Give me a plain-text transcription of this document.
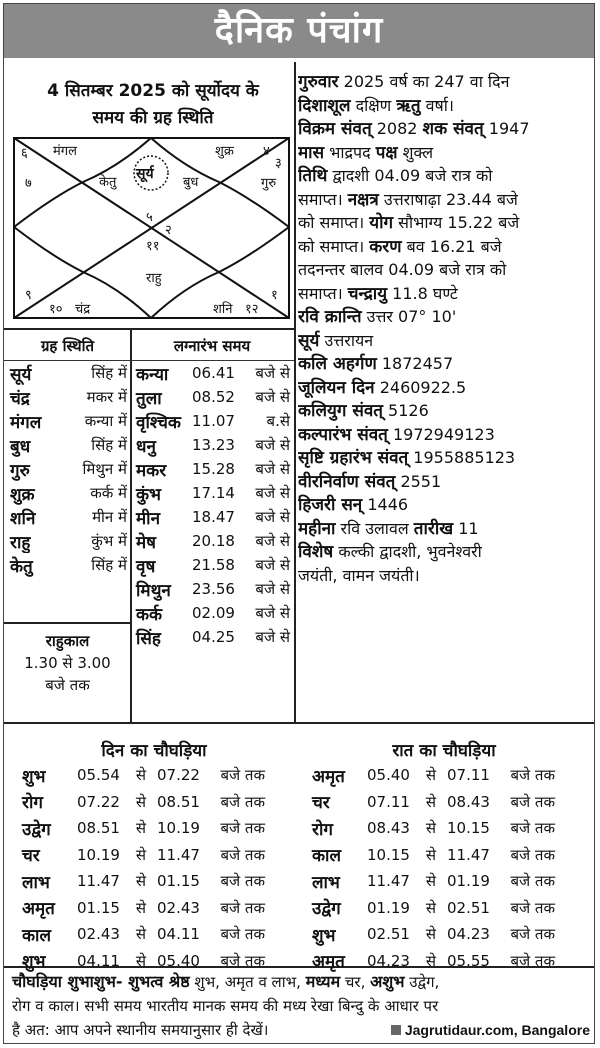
दैनिक पंचांग
4 सितम्बर 2025 को सूर्योदय के
समय की ग्रह स्थिति
६ मंगल	शुक्र ४
७	गुरु
३
केतु
सूर्य
बुध
५
२
११
राहु
९
१० चंद्र	शनि १२
१
ग्रह स्थिति
सूर्य	सिंह में
चंद्र	मकर में
मंगल	कन्या में
बुध	सिंह में
गुरु	मिथुन में
शुक्र	कर्क में
शनि	मीन में
राहु	कुंभ में
केतु	सिंह में
लग्नारंभ समय
कन्या	06.41	बजे से
तुला	08.52	बजे से
वृश्चिक 11.07	ब.से
धनु	13.23	बजे से
मकर	15.28	बजे से
कुंभ	17.14	बजे से
मीन	18.47	बजे से
मेष	20.18	बजे से
वृष	21.58	बजे से
मिथुन	23.56	बजे से
कर्क	02.09	बजे से
सिंह	04.25	बजे से
राहुकाल
1.30 से 3.00
बजे तक
गुरुवार 2025 वर्ष का 247 वा दिन
दिशाशूल दक्षिण ऋतु वर्षा।
विक्रम संवत् 2082 शक संवत् 1947
मास भाद्रपद पक्ष शुक्ल
तिथि द्वादशी 04.09 बजे रात्र को
समाप्त। नक्षत्र उत्तराषाढ़ा 23.44 बजे
को समाप्त। योग सौभाग्य 15.22 बजे
को समाप्त। करण बव 16.21 बजे
तदनन्तर बालव 04.09 बजे रात्र को
समाप्त। चन्द्रायु 11.8 घण्टे
रवि क्रान्ति उत्तर 07° 10'
सूर्य उत्तरायन
कलि अहर्गण 1872457
जूलियन दिन 2460922.5
कलियुग संवत् 5126
कल्पारंभ संवत् 1972949123
सृष्टि ग्रहारंभ संवत् 1955885123
वीरनिर्वाण संवत् 2551
हिजरी सन् 1446
महीना रवि उलावल तारीख 11
विशेष कल्की द्वादशी, भुवनेश्वरी
जयंती, वामन जयंती।
दिन का चौघड़िया	रात का चौघड़िया
शुभ	05.54	से 07.22	बजे तक
रोग	07.22	से 08.51	बजे तक
उद्वेग	08.51	से 10.19	बजे तक
चर	10.19	से 11.47	बजे तक
लाभ	11.47	से 01.15	बजे तक
अमृत	01.15	से 02.43	बजे तक
काल	02.43	से 04.11	बजे तक
शुभ	04.11	से 05.40	बजे तक
अमृत	05.40	से 07.11	बजे तक
चर	07.11	से 08.43	बजे तक
रोग	08.43	से 10.15	बजे तक
काल	10.15	से 11.47	बजे तक
लाभ	11.47	से 01.19	बजे तक
उद्वेग	01.19	से 02.51	बजे तक
शुभ	02.51	से 04.23	बजे तक
अमृत	04.23	से 05.55	बजे तक
चौघड़िया शुभाशुभ- शुभत्व श्रेष्ठ शुभ, अमृत व लाभ, मध्यम चर, अशुभ उद्वेग,
रोग व काल। सभी समय भारतीय मानक समय की मध्य रेखा बिन्दु के आधार पर
है अत: आप अपने स्थानीय समयानुसार ही देखें।	Jagrutidaur.com, Bangalore
